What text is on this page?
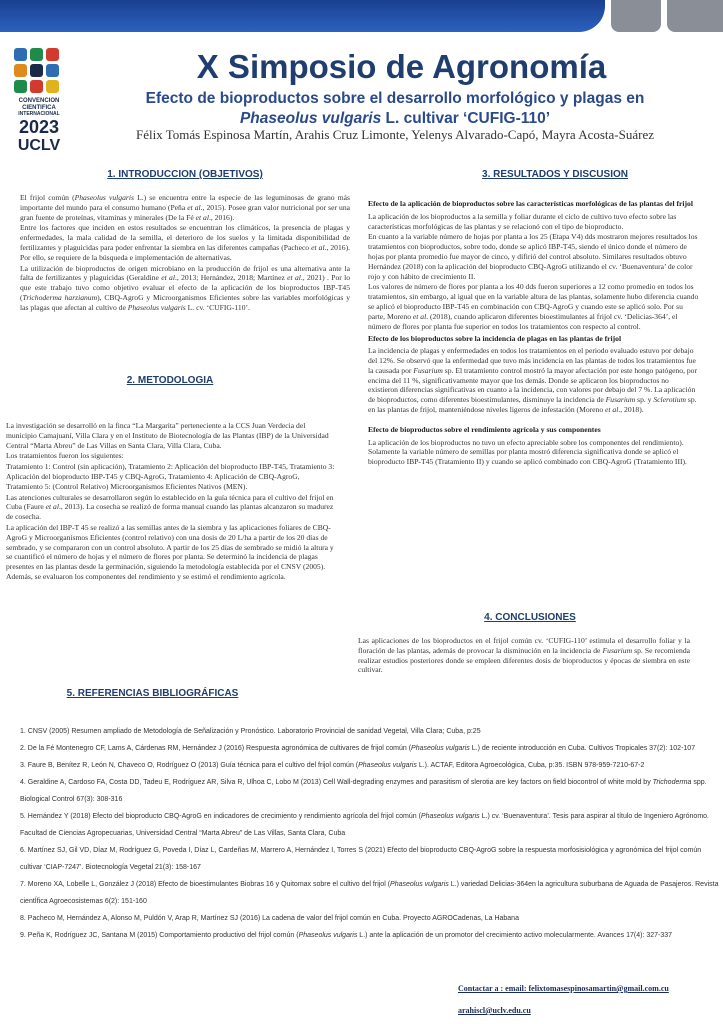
CONVENCION
CIENTIFICA
INTERNACIONAL
2023
UCLV
X Simposio de Agronomía
Efecto de bioproductos sobre el desarrollo morfológico y plagas en
Phaseolus vulgaris L. cultivar ‘CUFIG-110’
Félix Tomás Espinosa Martín, Arahis Cruz Limonte, Yelenys Alvarado-Capó, Mayra Acosta-Suárez
1. INTRODUCCION (OBJETIVOS)

El frijol común (Phaseolus vulgaris L.) se encuentra entre la especie de las leguminosas de grano más importante del mundo para el consumo humano (Peña et al., 2015). Posee gran valor nutricional por ser una gran fuente de proteínas, vitaminas y minerales (De la Fé et al., 2016).

Entre los factores que inciden en estos resultados se encuentran los climáticos, la presencia de plagas y enfermedades, la mala calidad de la semilla, el deterioro de los suelos y la limitada disponibilidad de fertilizantes y plaguicidas para poder enfrentar la siembra en las diferentes campañas (Pacheco et al., 2016). Por ello, se requiere de la búsqueda e implementación de alternativas.

La utilización de bioproductos de origen microbiano en la producción de frijol es una alternativa ante la falta de fertilizantes y plaguicidas (Geraldine et al., 2013; Hernández, 2018; Martínez et al., 2021) . Por lo que este trabajo tuvo como objetivo evaluar el efecto de la aplicación de los bioproductos IBP-T45 (Trichoderma harzianum), CBQ-AgroG y Microorganismos Eficientes sobre las variables morfológicas y las plagas que afectan al cultivo de Phaseolus vulgaris L. cv. ‘CUFIG-110’.

2. METODOLOGIA

La investigación se desarrolló en la finca “La Margarita” perteneciente a la CCS Juan Verdecia del municipio Camajuaní, Villa Clara y en el Instituto de Biotecnología de las Plantas (IBP) de la Universidad Central “Marta Abreu” de Las Villas en Santa Clara, Villa Clara, Cuba.

Los tratamientos fueron los siguientes:

Tratamiento 1: Control (sin aplicación), Tratamiento 2: Aplicación del bioproducto IBP-T45, Tratamiento 3: Aplicación del bioproducto IBP-T45 y CBQ-AgroG, Tratamiento 4: Aplicación de CBQ-AgroG, Tratamiento 5: (Control Relativo) Microorganismos Eficientes Nativos (MEN).

Las atenciones culturales se desarrollaron según lo establecido en la guía técnica para el cultivo del frijol en Cuba (Faure et al., 2013). La cosecha se realizó de forma manual cuando las plantas alcanzaron su madurez de cosecha.

La aplicación del IBP-T 45 se realizó a las semillas antes de la siembra y las aplicaciones foliares de CBQ-AgroG y Microorganismos Eficientes (control relativo) con una dosis de 20 L/ha a partir de los 20 días de sembrado, y se compararon con un control absoluto. A partir de los 25 días de sembrado se midió la altura y se cuantificó el número de hojas y el número de flores por planta. Se determinó la incidencia de plagas presentes en las plantas desde la germinación, siguiendo la metodología establecida por el CNSV (2005). Además, se evaluaron los componentes del rendimiento y se estimó el rendimiento agrícola.

3. RESULTADOS Y DISCUSION
Efecto de la aplicación de bioproductos sobre las características morfológicas de las plantas del frijol

La aplicación de los bioproductos a la semilla y foliar durante el ciclo de cultivo tuvo efecto sobre las características morfológicas de las plantas y se relacionó con el tipo de bioproducto.

En cuanto a la variable número de hojas por planta a los 25 (Etapa V4) dds mostraron mejores resultados los tratamientos con bioproductos, sobre todo, donde se aplicó IBP-T45, siendo el único donde el número de hojas por planta promedio fue mayor de cinco, y difirió del control absoluto. Similares resultados obtuvo Hernández (2018) con la aplicación del bioproducto CBQ-AgroG utilizando el cv. ‘Buenaventura’ de color rojo y con hábito de crecimiento II.

Los valores de número de flores por planta a los 40 dds fueron superiores a 12 como promedio en todos los tratamientos, sin embargo, al igual que en la variable altura de las plantas, solamente hubo diferencia cuando se aplicó el bioproducto IBP-T45 en combinación con CBQ-AgroG y cuando este se aplicó solo. Por su parte, Moreno et al. (2018), cuando aplicaron diferentes bioestimulantes al frijol cv. ‘Delicias-364’, el número de flores por planta fue superior en todos los tratamientos con respecto al control.

Efecto de los bioproductos sobre la incidencia de plagas en las plantas de frijol

La incidencia de plagas y enfermedades en todos los tratamientos en el periodo evaluado estuvo por debajo del 12%. Se observó que la enfermedad que tuvo más incidencia en las plantas de todos los tratamientos fue la causada por Fusarium sp. El tratamiento control mostró la mayor afectación por este hongo patógeno, por encima del 11 %, significativamente mayor que los demás. Donde se aplicaron los bioproductos no existieron diferencias significativas en cuanto a la incidencia, con valores por debajo del 7 %. La aplicación de bioproductos, como diferentes bioestimulantes, disminuye la incidencia de Fusarium sp. y Sclerotium sp. en las plantas de frijol, manteniéndose niveles ligeros de infestación (Moreno et al., 2018).

Efecto de bioproductos sobre el rendimiento agrícola y sus componentes

La aplicación de los bioproductos no tuvo un efecto apreciable sobre los componentes del rendimiento). Solamente la variable número de semillas por planta mostró diferencia significativa donde se aplicó el bioproducto IBP-T45 (Tratamiento II) y cuando se aplicó combinado con CBQ-AgroG (Tratamiento III).

4. CONCLUSIONES

Las aplicaciones de los bioproductos en el frijol común cv. ‘CUFIG-110’ estimula el desarrollo foliar y la floración de las plantas, además de provocar la disminución en la incidencia de Fusarium sp. Se recomienda realizar estudios posteriores donde se empleen diferentes dosis de bioproductos y épocas de siembra en este cultivar.

5. REFERENCIAS BIBLIOGRÁFICAS
1. CNSV (2005) Resumen ampliado de Metodología de Señalización y Pronóstico. Laboratorio Provincial de sanidad Vegetal, Villa Clara; Cuba, p:25
2. De la Fé Montenegro CF, Lams A, Cárdenas RM, Hernández J (2016) Respuesta agronómica de cultivares de frijol común (Phaseolus vulgaris L.) de reciente introducción en Cuba. Cultivos Tropicales 37(2): 102-107
3. Faure B, Benítez R, León N, Chaveco O, Rodríguez O (2013) Guía técnica para el cultivo del frijol común (Phaseolus vulgaris L.). ACTAF, Editora Agroecológica, Cuba, p:35. ISBN 978-959-7210-67-2
4. Geraldine A, Cardoso FA, Costa DD, Tadeu E, Rodríguez AR, Silva R, Ulhoa C, Lobo M (2013) Cell Wall-degrading enzymes and parasitism of slerotia are key factors on field biocontrol of white mold by Trichoderma spp. Biological Control 67(3): 308-316
5. Hernández Y (2018) Efecto del bioproducto CBQ-AgroG en indicadores de crecimiento y rendimiento agrícola del frijol común (Phaseolus vulgaris L.) cv. ‘Buenaventura’. Tesis para aspirar al título de Ingeniero Agrónomo. Facultad de Ciencias Agropecuarias, Universidad Central “Marta Abreu” de Las Villas, Santa Clara, Cuba
6. Martínez SJ, Gil VD, Díaz M, Rodríguez G, Poveda I, Díaz L, Cardeñas M, Marrero A, Hernández I, Torres S (2021) Efecto del bioproducto CBQ-AgroG sobre la respuesta morfosisiológica y agronómica del frijol común cultivar ‘CIAP-7247’. Biotecnología Vegetal 21(3): 158-167
7. Moreno XA, Lobelle L, González J (2018) Efecto de bioestimulantes Biobras 16 y Quitomax sobre el cultivo del frijol (Phaseolus vulgaris L.) variedad Delicias-364en la agricultura suburbana de Aguada de Pasajeros. Revista cientÍfica Agroecosistemas 6(2): 151-160
8. Pacheco M, Hernández A, Alonso M, Puldón V, Arap R, Martínez SJ (2016) La cadena de valor del frijol común en Cuba. Proyecto AGROCadenas, La Habana
9. Peña K, Rodríguez JC, Santana M (2015) Comportamiento productivo del frijol común (Phaseolus vulgaris L.) ante la aplicación de un promotor del crecimiento activo molecularmente. Avances 17(4): 327-337
Contactar a : email: felixtomasespinosamartin@gmail.com.cu
arahiscl@uclv.edu.cu
